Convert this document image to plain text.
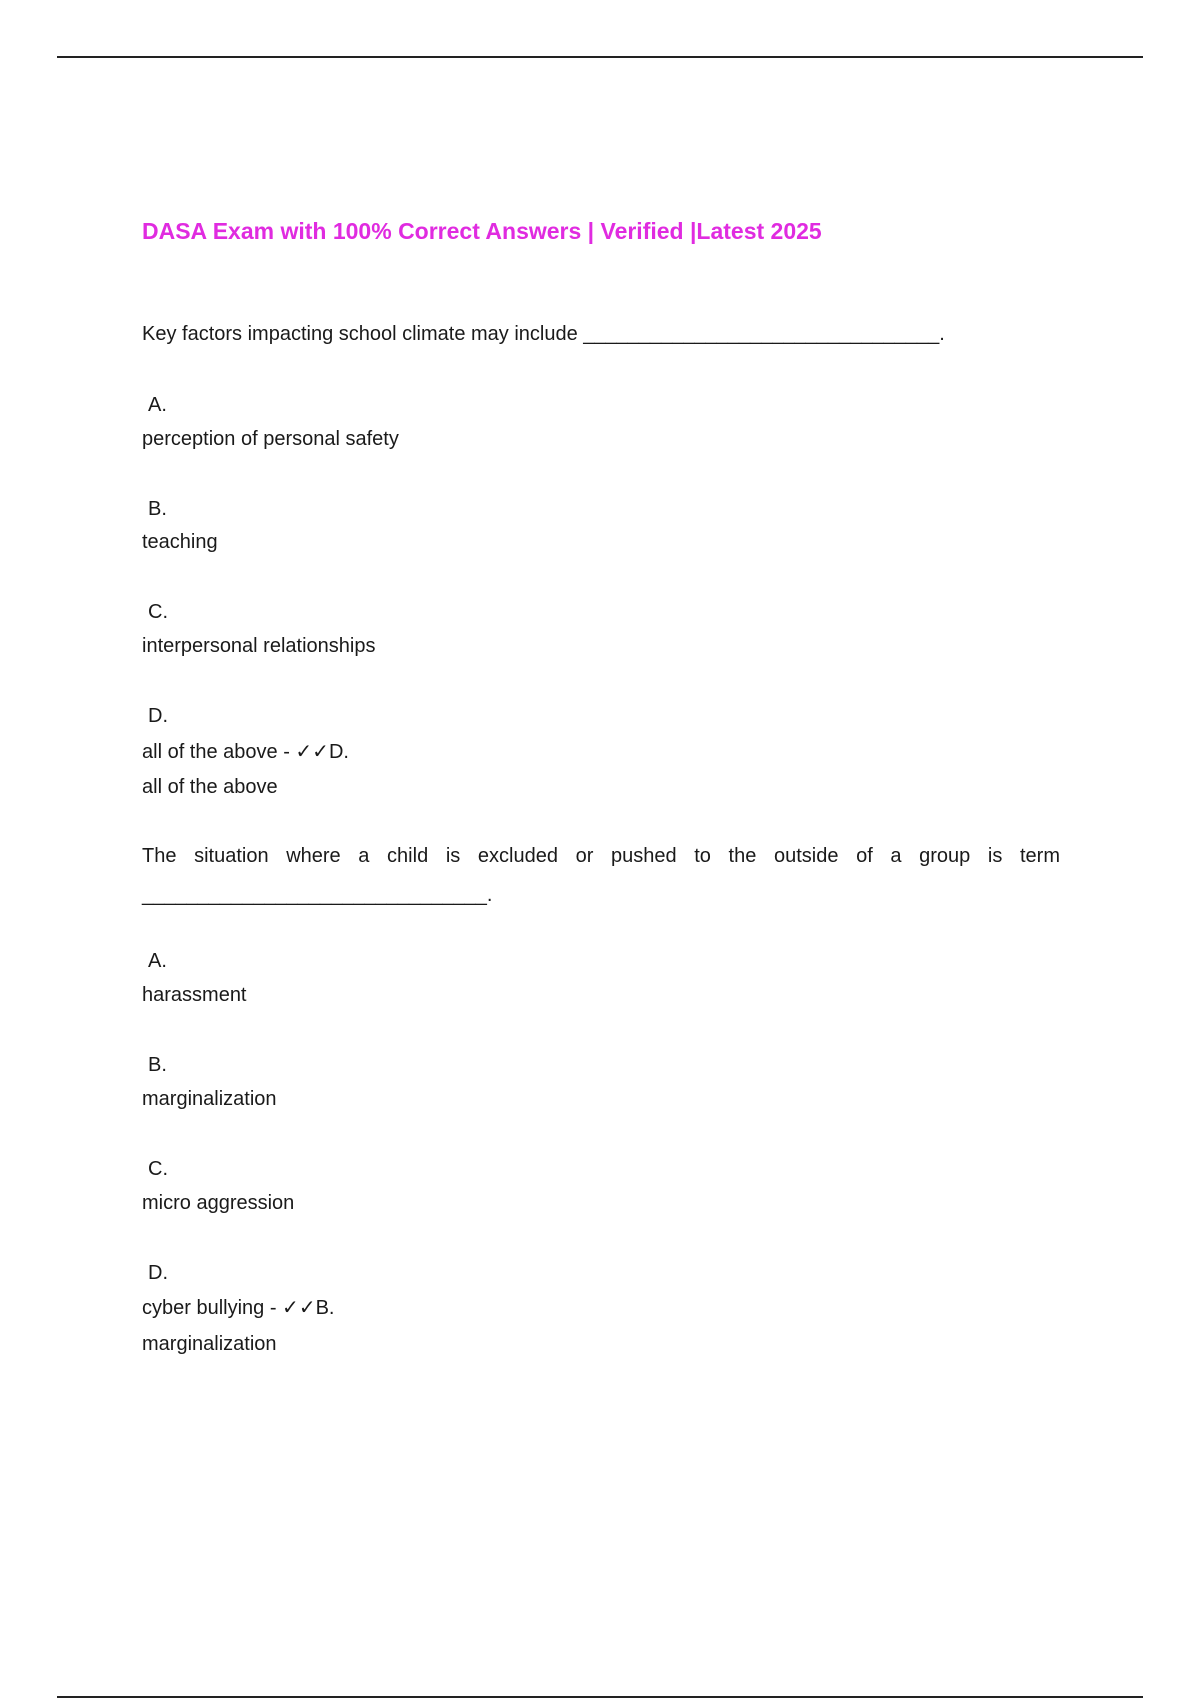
DASA Exam with 100% Correct Answers | Verified |Latest 2025
Key factors impacting school climate may include ________________________________.
A.
perception of personal safety
B.
teaching
C.
interpersonal relationships
D.
all of the above - ✓✓D.
all of the above
The situation where a child is excluded or pushed to the outside of a group is term
_______________________________.
A.
harassment
B.
marginalization
C.
micro aggression
D.
cyber bullying - ✓✓B.
marginalization
